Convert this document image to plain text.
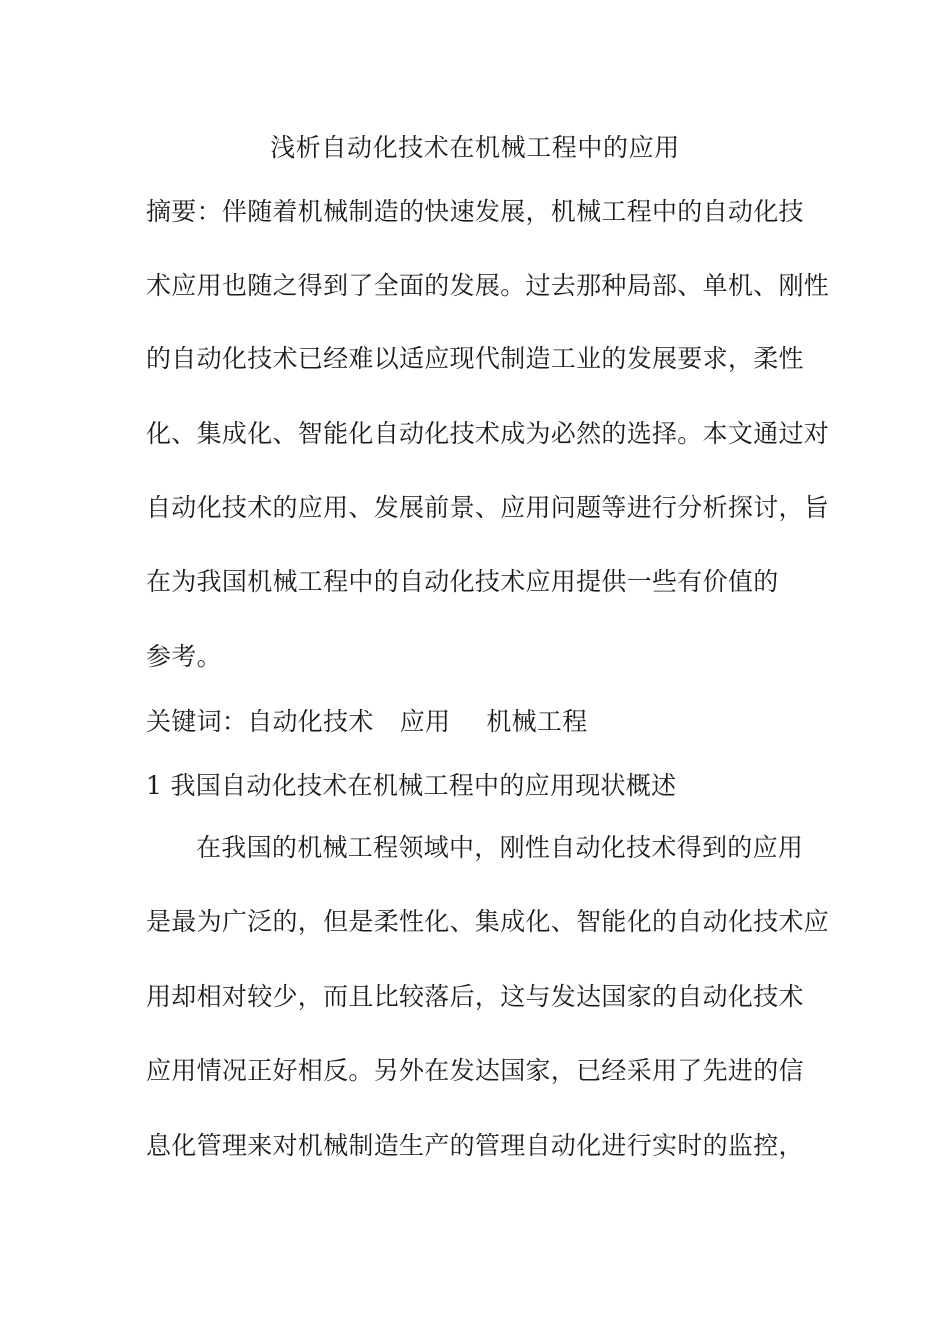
浅析自动化技术在机械工程中的应用
摘要：伴随着机械制造的快速发展，机械工程中的自动化技
术应用也随之得到了全面的发展。过去那种局部、单机、刚性
的自动化技术已经难以适应现代制造工业的发展要求，柔性
化、集成化、智能化自动化技术成为必然的选择。本文通过对
自动化技术的应用、发展前景、应用问题等进行分析探讨，旨
在为我国机械工程中的自动化技术应用提供一些有价值的
参考。
关键词：自动化技术 应用 机械工程
1 我国自动化技术在机械工程中的应用现状概述
在我国的机械工程领域中，刚性自动化技术得到的应用
是最为广泛的，但是柔性化、集成化、智能化的自动化技术应
用却相对较少，而且比较落后，这与发达国家的自动化技术
应用情况正好相反。另外在发达国家，已经采用了先进的信
息化管理来对机械制造生产的管理自动化进行实时的监控，
